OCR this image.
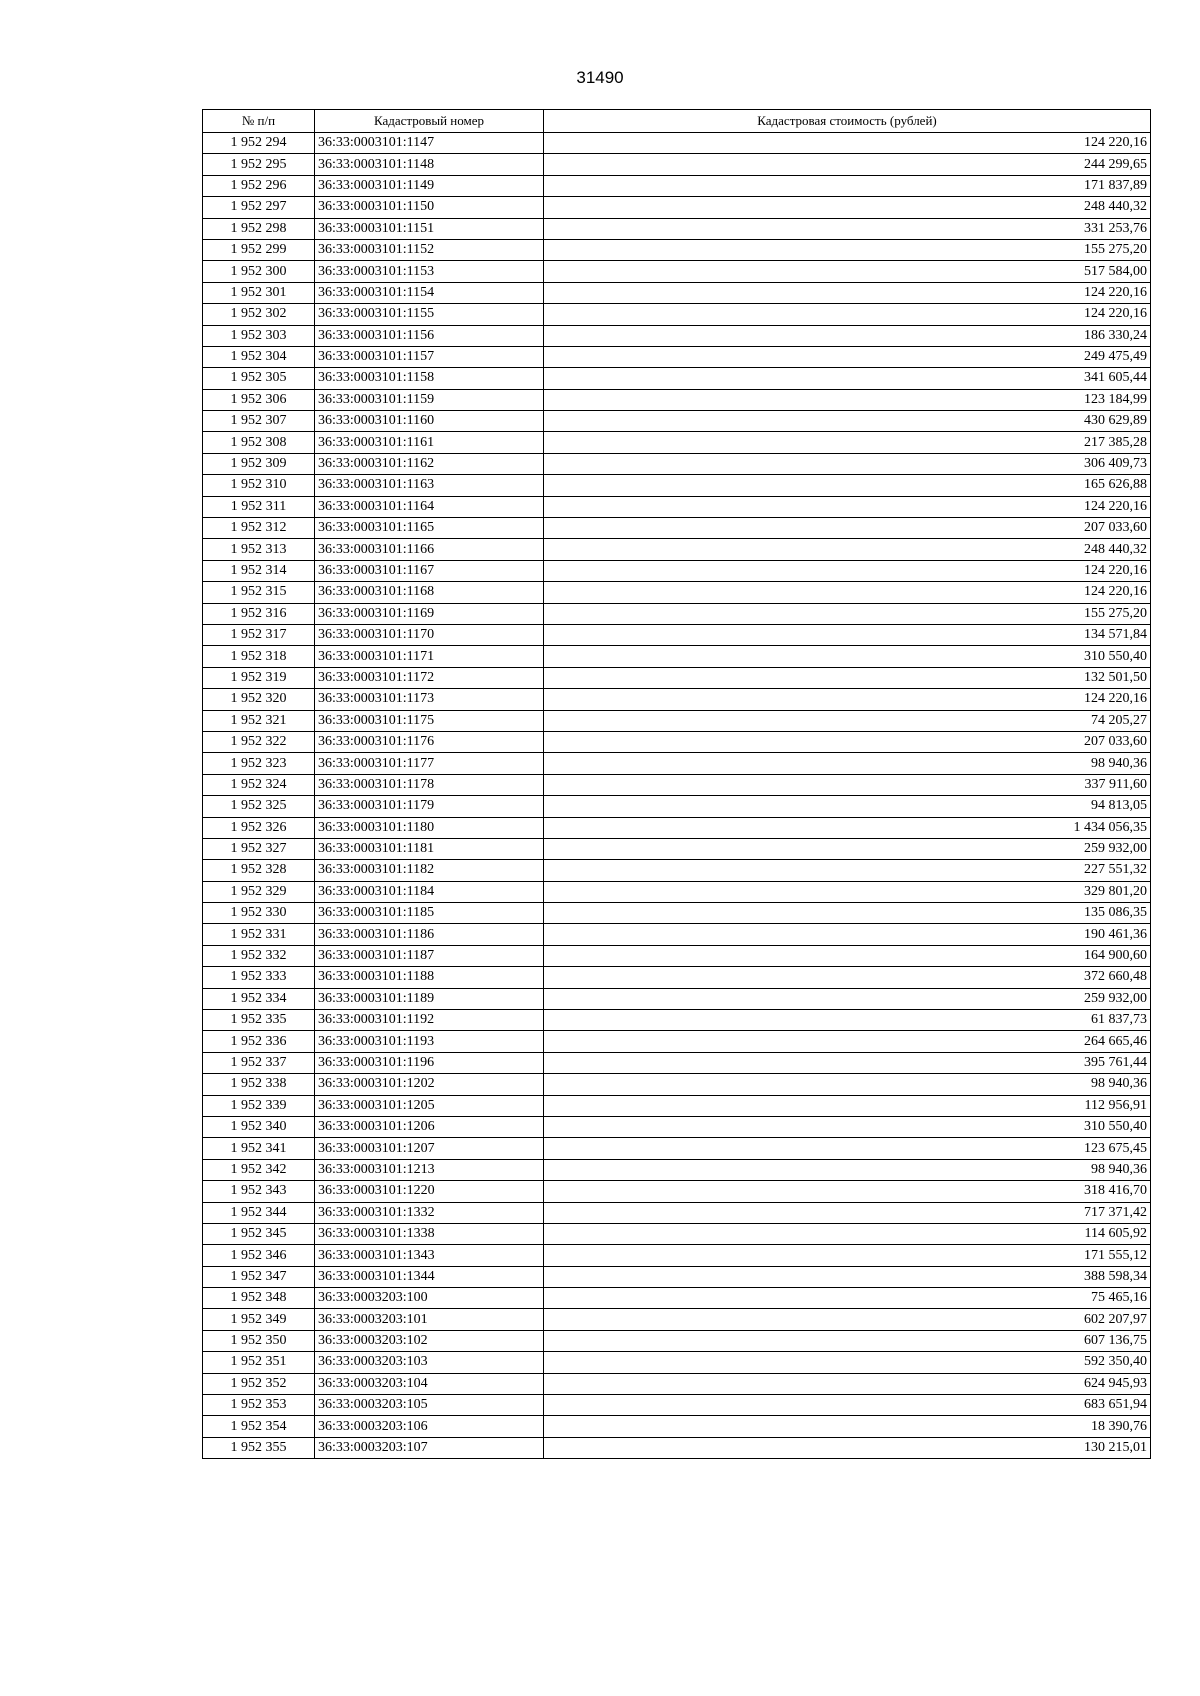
31490
№ п/п	Кадастровый номер	Кадастровая стоимость (рублей)
1 952 294	36:33:0003101:1147	124 220,16
1 952 295	36:33:0003101:1148	244 299,65
1 952 296	36:33:0003101:1149	171 837,89
1 952 297	36:33:0003101:1150	248 440,32
1 952 298	36:33:0003101:1151	331 253,76
1 952 299	36:33:0003101:1152	155 275,20
1 952 300	36:33:0003101:1153	517 584,00
1 952 301	36:33:0003101:1154	124 220,16
1 952 302	36:33:0003101:1155	124 220,16
1 952 303	36:33:0003101:1156	186 330,24
1 952 304	36:33:0003101:1157	249 475,49
1 952 305	36:33:0003101:1158	341 605,44
1 952 306	36:33:0003101:1159	123 184,99
1 952 307	36:33:0003101:1160	430 629,89
1 952 308	36:33:0003101:1161	217 385,28
1 952 309	36:33:0003101:1162	306 409,73
1 952 310	36:33:0003101:1163	165 626,88
1 952 311	36:33:0003101:1164	124 220,16
1 952 312	36:33:0003101:1165	207 033,60
1 952 313	36:33:0003101:1166	248 440,32
1 952 314	36:33:0003101:1167	124 220,16
1 952 315	36:33:0003101:1168	124 220,16
1 952 316	36:33:0003101:1169	155 275,20
1 952 317	36:33:0003101:1170	134 571,84
1 952 318	36:33:0003101:1171	310 550,40
1 952 319	36:33:0003101:1172	132 501,50
1 952 320	36:33:0003101:1173	124 220,16
1 952 321	36:33:0003101:1175	74 205,27
1 952 322	36:33:0003101:1176	207 033,60
1 952 323	36:33:0003101:1177	98 940,36
1 952 324	36:33:0003101:1178	337 911,60
1 952 325	36:33:0003101:1179	94 813,05
1 952 326	36:33:0003101:1180	1 434 056,35
1 952 327	36:33:0003101:1181	259 932,00
1 952 328	36:33:0003101:1182	227 551,32
1 952 329	36:33:0003101:1184	329 801,20
1 952 330	36:33:0003101:1185	135 086,35
1 952 331	36:33:0003101:1186	190 461,36
1 952 332	36:33:0003101:1187	164 900,60
1 952 333	36:33:0003101:1188	372 660,48
1 952 334	36:33:0003101:1189	259 932,00
1 952 335	36:33:0003101:1192	61 837,73
1 952 336	36:33:0003101:1193	264 665,46
1 952 337	36:33:0003101:1196	395 761,44
1 952 338	36:33:0003101:1202	98 940,36
1 952 339	36:33:0003101:1205	112 956,91
1 952 340	36:33:0003101:1206	310 550,40
1 952 341	36:33:0003101:1207	123 675,45
1 952 342	36:33:0003101:1213	98 940,36
1 952 343	36:33:0003101:1220	318 416,70
1 952 344	36:33:0003101:1332	717 371,42
1 952 345	36:33:0003101:1338	114 605,92
1 952 346	36:33:0003101:1343	171 555,12
1 952 347	36:33:0003101:1344	388 598,34
1 952 348	36:33:0003203:100	75 465,16
1 952 349	36:33:0003203:101	602 207,97
1 952 350	36:33:0003203:102	607 136,75
1 952 351	36:33:0003203:103	592 350,40
1 952 352	36:33:0003203:104	624 945,93
1 952 353	36:33:0003203:105	683 651,94
1 952 354	36:33:0003203:106	18 390,76
1 952 355	36:33:0003203:107	130 215,01
